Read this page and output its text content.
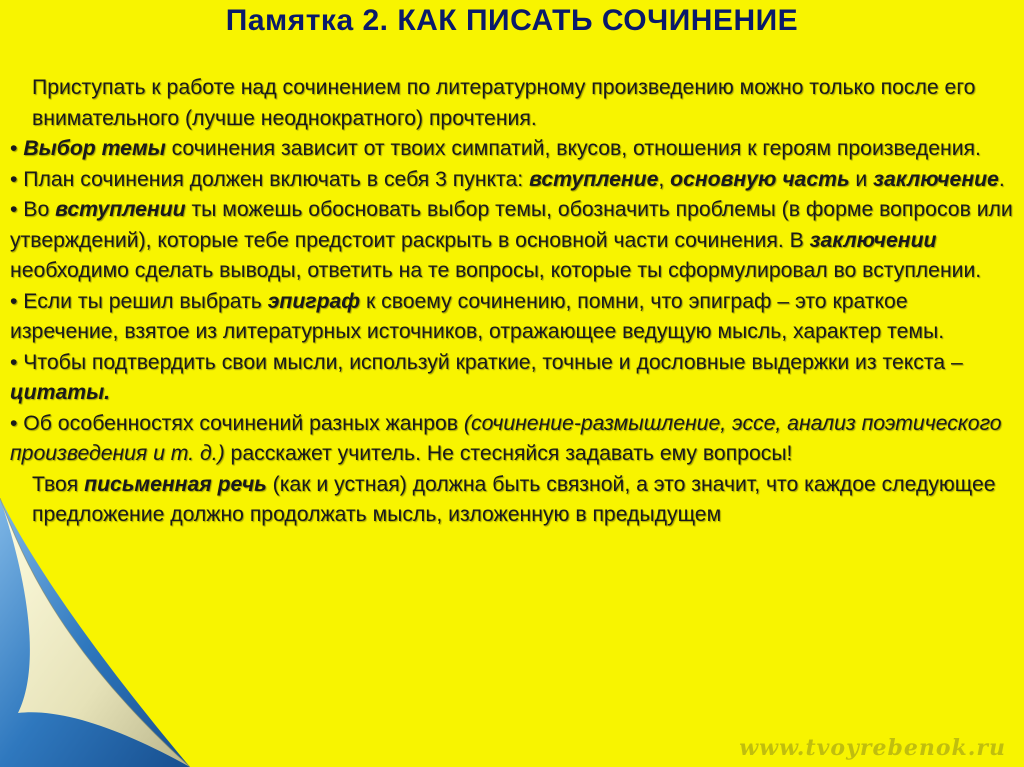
Памятка 2. КАК ПИСАТЬ СОЧИНЕНИЕ

Приступать к работе над сочинением по литературному произведению можно только после его внимательного (лучше неоднократного) прочтения.

• Выбор темы сочинения зависит от твоих симпатий, вкусов, отношения к героям произведения.

• План сочинения должен включать в себя 3 пункта: вступление, основную часть и заключение.

• Во вступлении ты можешь обосновать выбор темы, обозначить проблемы (в форме вопросов или утверждений), которые тебе предстоит раскрыть в основной части сочинения. В заключении необходимо сделать выводы, ответить на те вопросы, которые ты сформулировал во вступлении.

• Если ты решил выбрать эпиграф к своему сочинению, помни, что эпиграф – это краткое изречение, взятое из литературных источников, отражающее ведущую мысль, характер темы.

• Чтобы подтвердить свои мысли, используй краткие, точные и дословные выдержки из текста – цитаты.

• Об особенностях сочинений разных жанров (сочинение-размышление, эссе, анализ поэтического произведения и т. д.) расскажет учитель. Не стесняйся задавать ему вопросы!

Твоя письменная речь (как и устная) должна быть связной, а это значит, что каждое следующее предложение должно продолжать мысль, изложенную в предыдущем

www.tvoyrebenok.ru
